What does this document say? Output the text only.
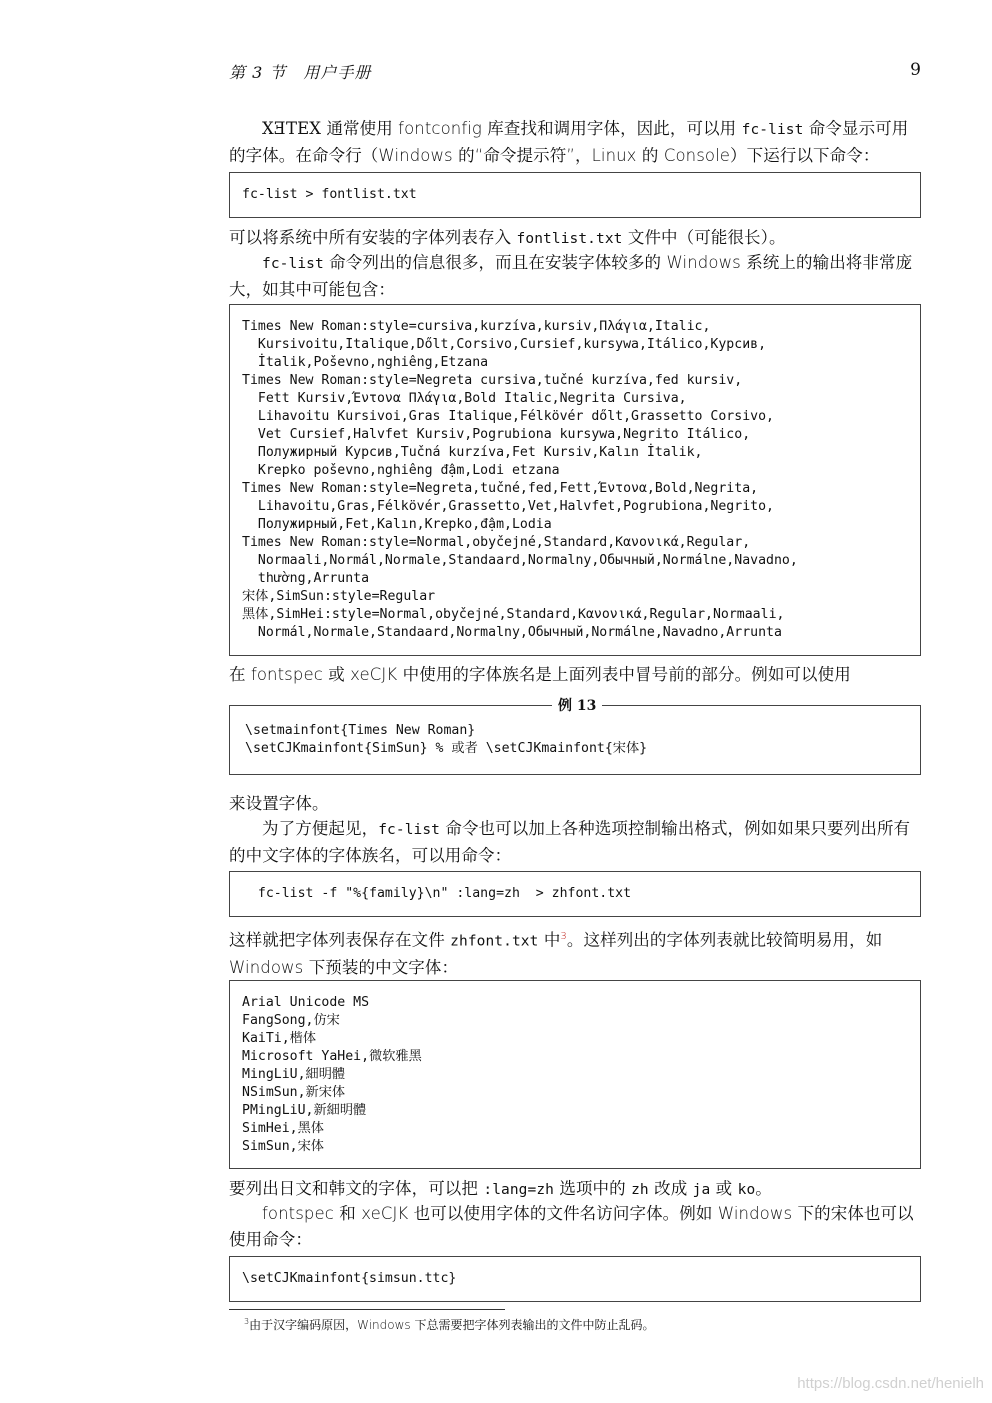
第 3 节　用户手册	9
XƎTEX 通常使用 fontconfig 库查找和调用字体，因此，可以用 fc-list 命令显示可用的字体。在命令行（Windows 的“命令提示符”，Linux 的 Console）下运行以下命令：
fc-list > fontlist.txt
可以将系统中所有安装的字体列表存入 fontlist.txt 文件中（可能很长）。
fc-list 命令列出的信息很多，而且在安装字体较多的 Windows 系统上的输出将非常庞大，如其中可能包含：
Times New Roman:style=cursiva,kurzíva,kursiv,Πλάγια,Italic,
Kursivoitu,Italique,Dőlt,Corsivo,Cursief,kursywa,Itálico,Курсив,
İtalik,Poševno,nghiêng,Etzana
Times New Roman:style=Negreta cursiva,tučné kurzíva,fed kursiv,
Fett Kursiv,Έντονα Πλάγια,Bold Italic,Negrita Cursiva,
Lihavoitu Kursivoi,Gras Italique,Félkövér dőlt,Grassetto Corsivo,
Vet Cursief,Halvfet Kursiv,Pogrubiona kursywa,Negrito Itálico,
Полужирный Курсив,Tučná kurzíva,Fet Kursiv,Kalın İtalik,
Krepko poševno,nghiêng đậm,Lodi etzana
Times New Roman:style=Negreta,tučné,fed,Fett,Έντονα,Bold,Negrita,
Lihavoitu,Gras,Félkövér,Grassetto,Vet,Halvfet,Pogrubiona,Negrito,
Полужирный,Fet,Kalın,Krepko,đậm,Lodia
Times New Roman:style=Normal,obyčejné,Standard,Κανονικά,Regular,
Normaali,Normál,Normale,Standaard,Normalny,Обычный,Normálne,Navadno,
thường,Arrunta
宋体,SimSun:style=Regular
黑体,SimHei:style=Normal,obyčejné,Standard,Κανονικά,Regular,Normaali,
Normál,Normale,Standaard,Normalny,Обычный,Normálne,Navadno,Arrunta
在 fontspec 或 xeCJK 中使用的字体族名是上面列表中冒号前的部分。例如可以使用
\setmainfont{Times New Roman}
\setCJKmainfont{SimSun} % 或者 \setCJKmainfont{宋体}
例 13
来设置字体。
为了方便起见，fc-list 命令也可以加上各种选项控制输出格式，例如如果只要列出所有的中文字体的字体族名，可以用命令：
fc-list -f "%{family}\n" :lang=zh  > zhfont.txt
这样就把字体列表保存在文件 zhfont.txt 中$^3$。这样列出的字体列表就比较简明易用，如 Windows 下预装的中文字体：
Arial Unicode MS
FangSong,仿宋
KaiTi,楷体
Microsoft YaHei,微软雅黑
MingLiU,細明體
NSimSun,新宋体
PMingLiU,新細明體
SimHei,黑体
SimSun,宋体
要列出日文和韩文的字体，可以把 :lang=zh 选项中的 zh 改成 ja 或 ko。
fontspec 和 xeCJK 也可以使用字体的文件名访问字体。例如 Windows 下的宋体也可以使用命令：
\setCJKmainfont{simsun.ttc}
$^3$由于汉字编码原因，Windows 下总需要把字体列表输出的文件中防止乱码。
https://blog.csdn.net/henielh
